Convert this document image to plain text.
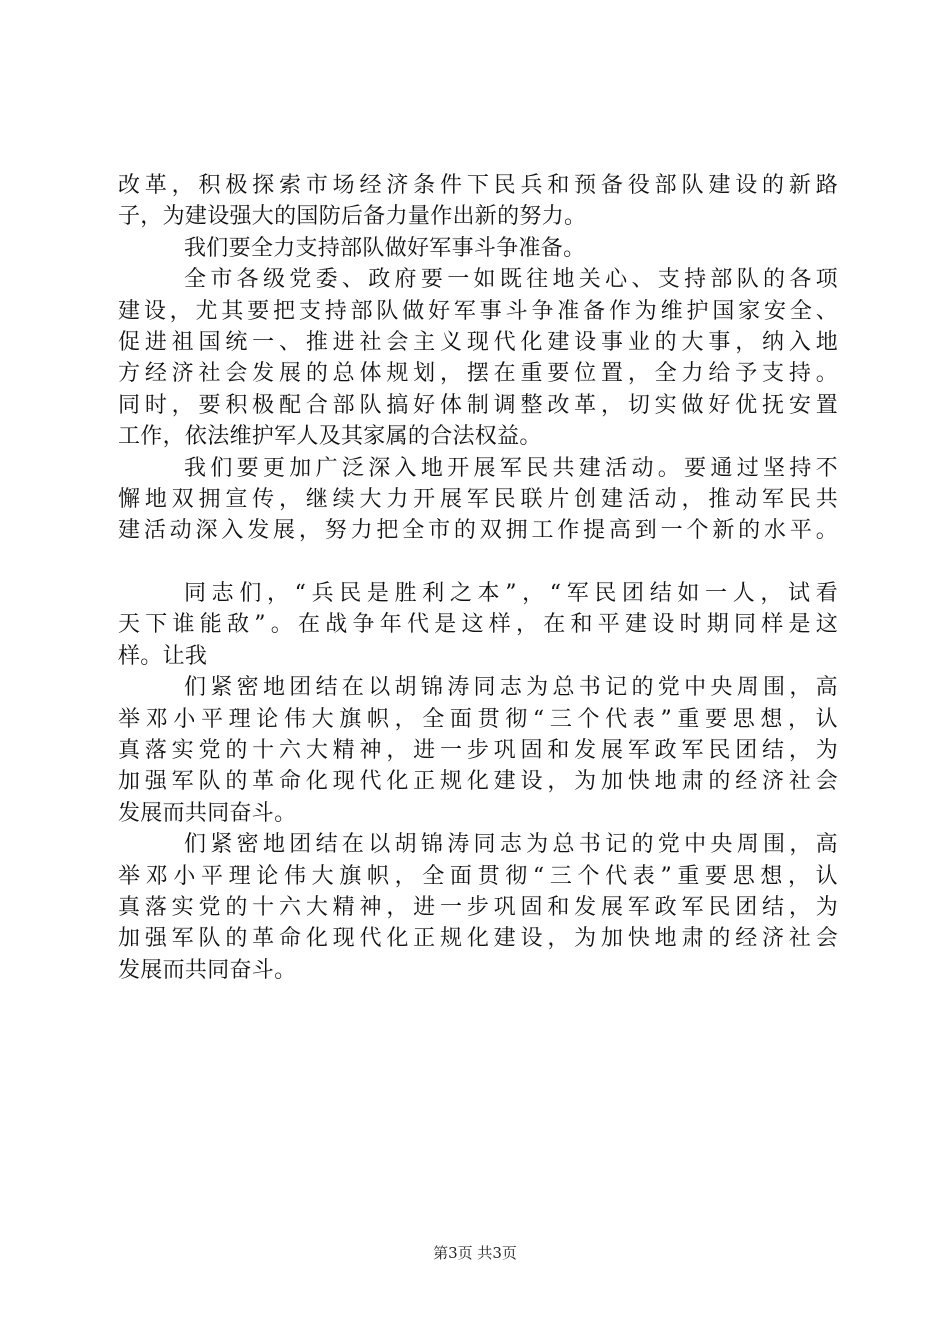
改革，积极探索市场经济条件下民兵和预备役部队建设的新路
子，为建设强大的国防后备力量作出新的努力。
我们要全力支持部队做好军事斗争准备。
全市各级党委、政府要一如既往地关心、支持部队的各项
建设，尤其要把支持部队做好军事斗争准备作为维护国家安全、
促进祖国统一、推进社会主义现代化建设事业的大事，纳入地
方经济社会发展的总体规划，摆在重要位置，全力给予支持。
同时，要积极配合部队搞好体制调整改革，切实做好优抚安置
工作，依法维护军人及其家属的合法权益。
我们要更加广泛深入地开展军民共建活动。要通过坚持不
懈地双拥宣传，继续大力开展军民联片创建活动，推动军民共
建活动深入发展，努力把全市的双拥工作提高到一个新的水平。
同志们，“兵民是胜利之本”，“军民团结如一人，试看
天下谁能敌”。在战争年代是这样，在和平建设时期同样是这
样。让我
们紧密地团结在以胡锦涛同志为总书记的党中央周围，高
举邓小平理论伟大旗帜，全面贯彻“三个代表”重要思想，认
真落实党的十六大精神，进一步巩固和发展军政军民团结，为
加强军队的革命化现代化正规化建设，为加快地肃的经济社会
发展而共同奋斗。
们紧密地团结在以胡锦涛同志为总书记的党中央周围，高
举邓小平理论伟大旗帜，全面贯彻“三个代表”重要思想，认
真落实党的十六大精神，进一步巩固和发展军政军民团结，为
加强军队的革命化现代化正规化建设，为加快地肃的经济社会
发展而共同奋斗。
第3页 共3页
